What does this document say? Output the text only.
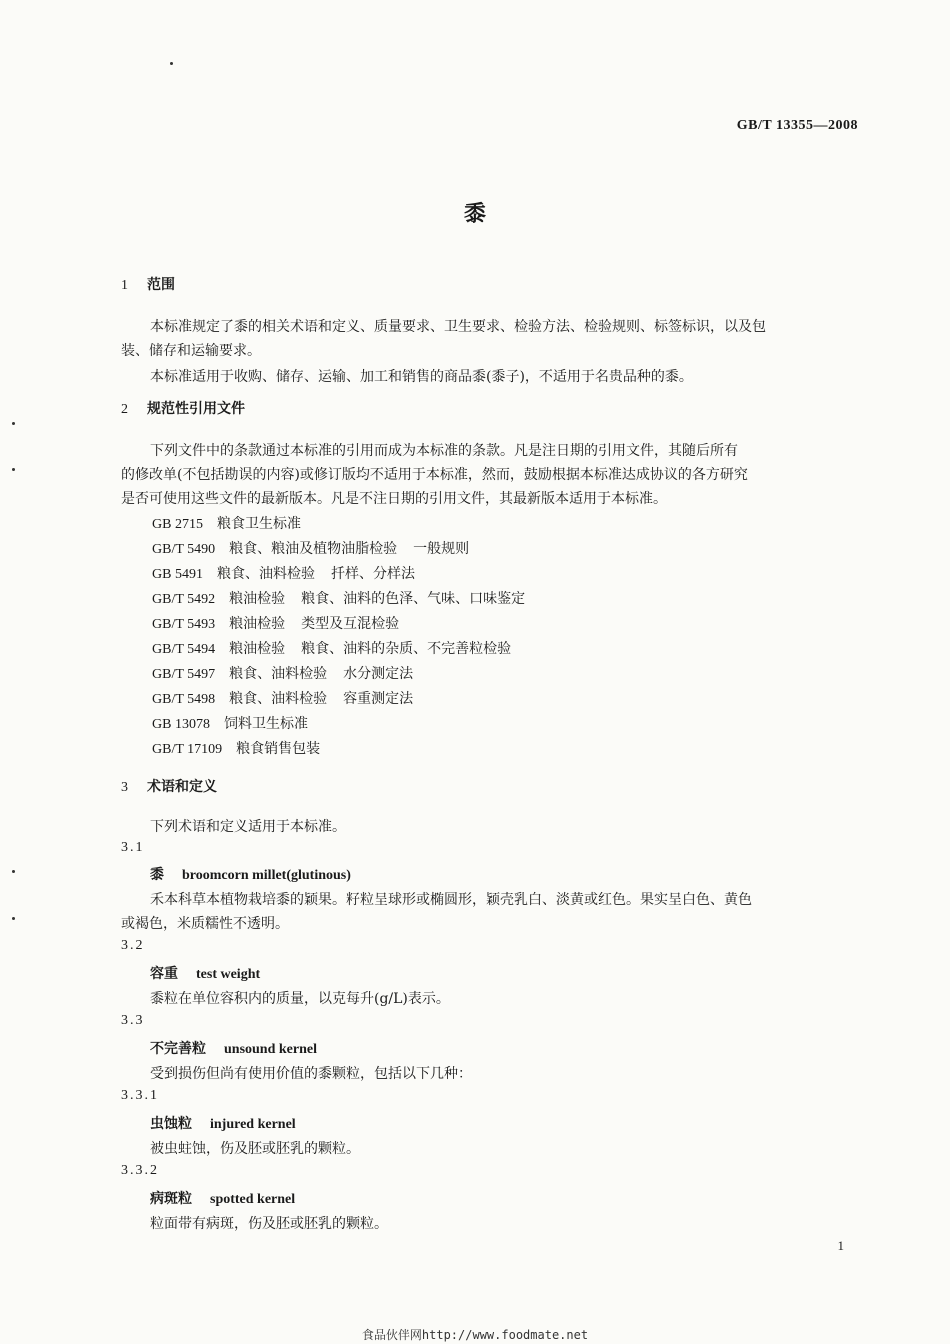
GB/T 13355—2008
黍
1 范围
本标准规定了黍的相关术语和定义、质量要求、卫生要求、检验方法、检验规则、标签标识，以及包
装、储存和运输要求。
本标准适用于收购、储存、运输、加工和销售的商品黍(黍子)，不适用于名贵品种的黍。
2 规范性引用文件
下列文件中的条款通过本标准的引用而成为本标准的条款。凡是注日期的引用文件，其随后所有
的修改单(不包括勘误的内容)或修订版均不适用于本标准，然而，鼓励根据本标准达成协议的各方研究
是否可使用这些文件的最新版本。凡是不注日期的引用文件，其最新版本适用于本标准。
GB 2715 粮食卫生标准
GB/T 5490 粮食、粮油及植物油脂检验 一般规则
GB 5491 粮食、油料检验 扦样、分样法
GB/T 5492 粮油检验 粮食、油料的色泽、气味、口味鉴定
GB/T 5493 粮油检验 类型及互混检验
GB/T 5494 粮油检验 粮食、油料的杂质、不完善粒检验
GB/T 5497 粮食、油料检验 水分测定法
GB/T 5498 粮食、油料检验 容重测定法
GB 13078 饲料卫生标准
GB/T 17109 粮食销售包装
3 术语和定义
下列术语和定义适用于本标准。
3.1
黍 broomcorn millet(glutinous)
禾本科草本植物栽培黍的颖果。籽粒呈球形或椭圆形，颖壳乳白、淡黄或红色。果实呈白色、黄色
或褐色，米质糯性不透明。
3.2
容重 test weight
黍粒在单位容积内的质量，以克每升(g/L)表示。
3.3
不完善粒 unsound kernel
受到损伤但尚有使用价值的黍颗粒，包括以下几种：
3.3.1
虫蚀粒 injured kernel
被虫蛀蚀，伤及胚或胚乳的颗粒。
3.3.2
病斑粒 spotted kernel
粒面带有病斑，伤及胚或胚乳的颗粒。
1
食品伙伴网http://www.foodmate.net
